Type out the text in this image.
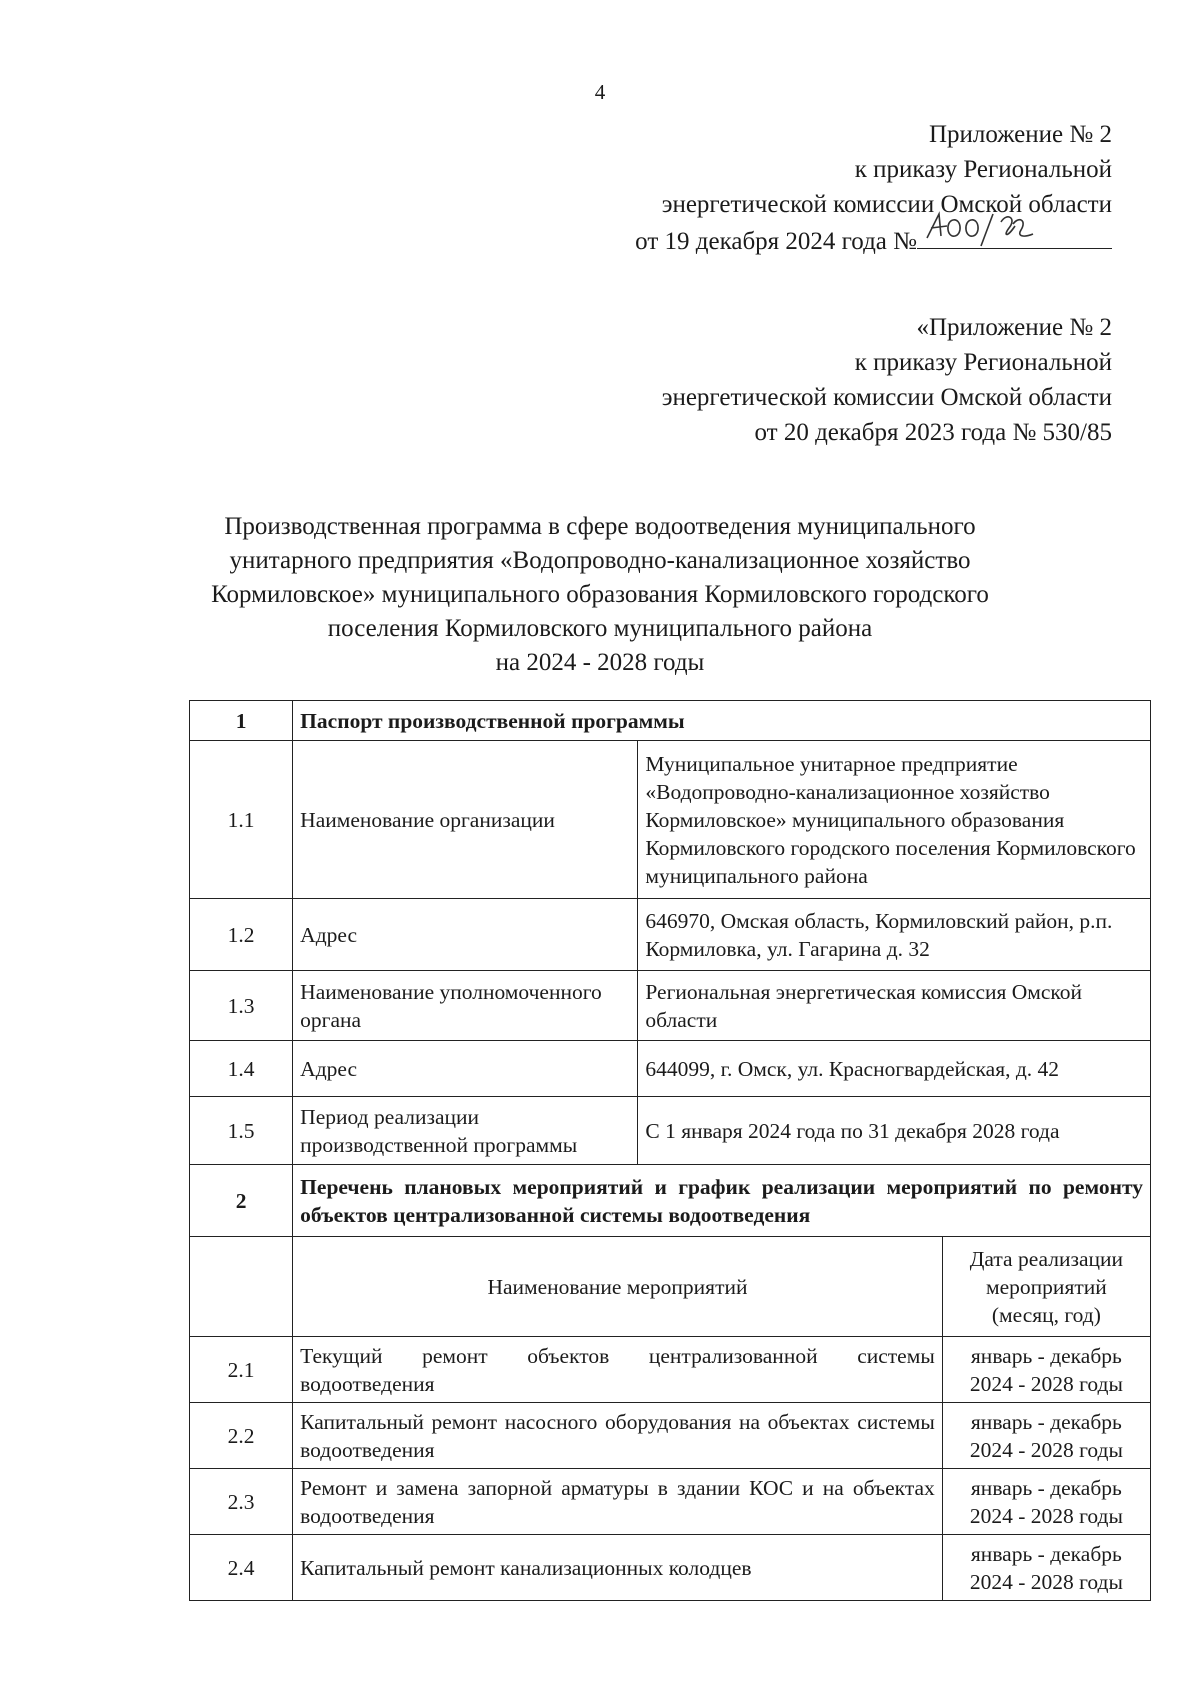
4
Приложение № 2
к приказу Региональной
энергетической комиссии Омской области
от 19 декабря 2024 года №
«Приложение № 2
к приказу Региональной
энергетической комиссии Омской области
от 20 декабря 2023 года № 530/85
Производственная программа в сфере водоотведения муниципального
унитарного предприятия «Водопроводно-канализационное хозяйство
Кормиловское» муниципального образования Кормиловского городского
поселения Кормиловского муниципального района
на 2024 - 2028 годы
1	Паспорт производственной программы		
1.1	Наименование организации	Муниципальное унитарное предприятие «Водопроводно-канализационное хозяйство Кормиловское» муниципального образования Кормиловского городского поселения Кормиловского муниципального района	
1.2	Адрес	646970, Омская область, Кормиловский район, р.п. Кормиловка, ул. Гагарина д. 32	
1.3	Наименование уполномоченного органа	Региональная энергетическая комиссия Омской области	
1.4	Адрес	644099, г. Омск, ул. Красногвардейская, д. 42	
1.5	Период реализации производственной программы	С 1 января 2024 года по 31 декабря 2028 года	
2	Перечень плановых мероприятий и график реализации мероприятий по ремонту объектов централизованной системы водоотведения		
	Наименование мероприятий		Дата реализации мероприятий (месяц, год)
2.1	Текущий ремонт объектов централизованной системы водоотведения		январь - декабрь 2024 - 2028 годы
2.2	Капитальный ремонт насосного оборудования на объектах системы водоотведения		январь - декабрь 2024 - 2028 годы
2.3	Ремонт и замена запорной арматуры в здании КОС и на объектах водоотведения		январь - декабрь 2024 - 2028 годы
2.4	Капитальный ремонт канализационных колодцев		январь - декабрь 2024 - 2028 годы
